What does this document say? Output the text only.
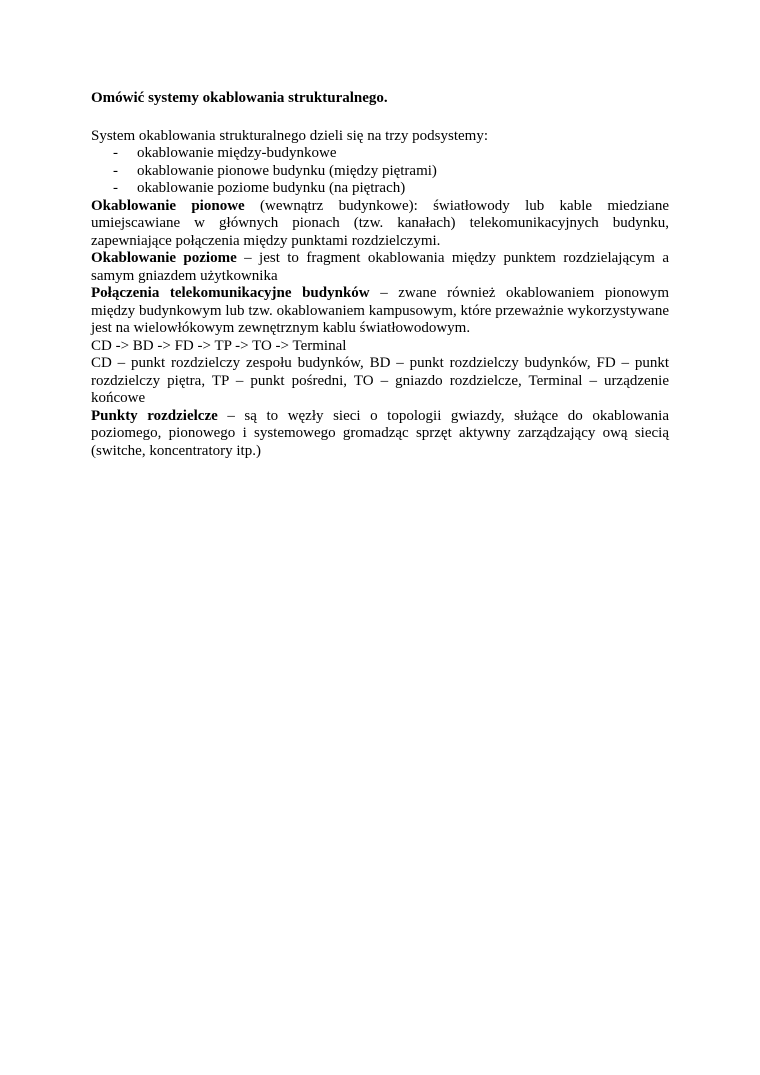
Omówić systemy okablowania strukturalnego.

System okablowania strukturalnego dzieli się na trzy podsystemy:

- okablowanie między-budynkowe
- okablowanie pionowe budynku (między piętrami)
- okablowanie poziome budynku (na piętrach)

Okablowanie pionowe (wewnątrz budynkowe): światłowody lub kable miedziane umiejscawiane w głównych pionach (tzw. kanałach) telekomunikacyjnych budynku, zapewniające połączenia między punktami rozdzielczymi.

Okablowanie poziome – jest to fragment okablowania między punktem rozdzielającym a samym gniazdem użytkownika

Połączenia telekomunikacyjne budynków – zwane również okablowaniem pionowym między budynkowym lub tzw. okablowaniem kampusowym, które przeważnie wykorzystywane jest na wielowłókowym zewnętrznym kablu światłowodowym.

CD -> BD -> FD -> TP -> TO -> Terminal

CD – punkt rozdzielczy zespołu budynków, BD – punkt rozdzielczy budynków, FD – punkt rozdzielczy piętra, TP – punkt pośredni, TO – gniazdo rozdzielcze, Terminal – urządzenie końcowe

Punkty rozdzielcze – są to węzły sieci o topologii gwiazdy, służące do okablowania poziomego, pionowego i systemowego gromadząc sprzęt aktywny zarządzający ową siecią (switche, koncentratory itp.)
